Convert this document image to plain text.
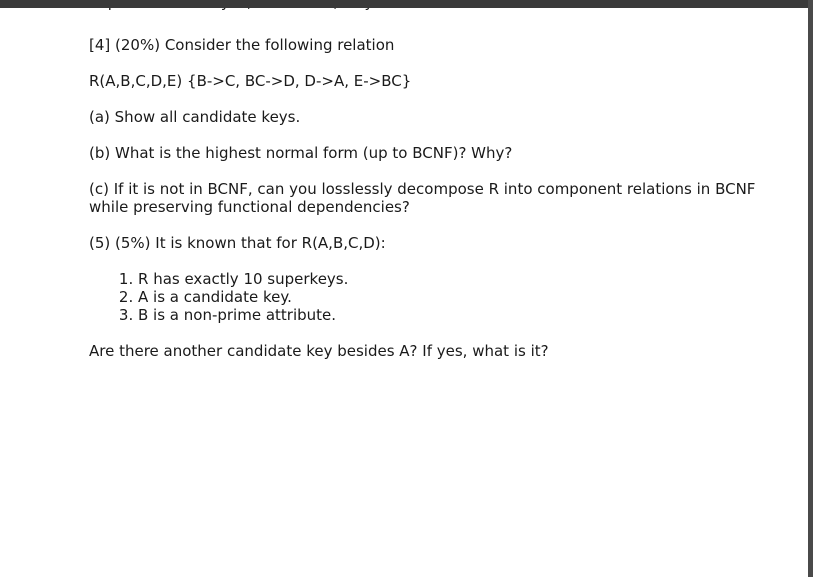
[4] (20%) Consider the following relation

R(A,B,C,D,E) {B->C, BC->D, D->A, E->BC}

(a) Show all candidate keys.

(b) What is the highest normal form (up to BCNF)? Why?

(c) If it is not in BCNF, can you losslessly decompose R into component relations in BCNF while preserving functional dependencies?

(5) (5%) It is known that for R(A,B,C,D):

1. R has exactly 10 superkeys.
2. A is a candidate key.
3. B is a non-prime attribute.

Are there another candidate key besides A? If yes, what is it?
